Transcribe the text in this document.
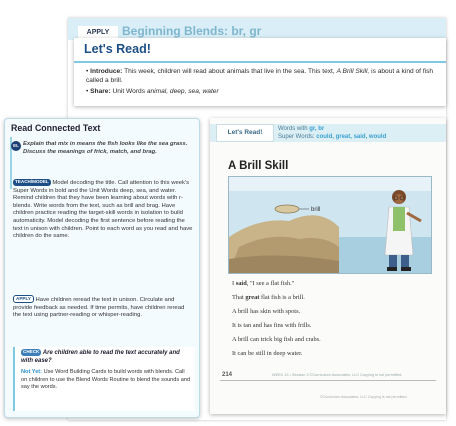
APPLY	Beginning Blends: br, gr
Let's Read!
• Introduce: This week, children will read about animals that live in the sea. This text, A Brill Skill, is about a kind of fish called a brill.
• Share: Unit Words animal, deep, sea, water
Let's Read!	Words with gr, br
Super Words: could, great, said, would
A Brill Skill
brill
I said, "I see a flat fish."
That great flat fish is a brill.
A brill has skin with spots.
It is tan and has fins with frills.
A brill can trick big fish and crabs.
It can be still in deep water.
214	WEEK 13 • Session 3 ©Curriculum Associates, LLC Copying is not permitted.
©Curriculum Associates, LLC Copying is not permitted.
Read Connected Text
EL Explain that mix in means the fish looks like the sea grass. Discuss the meanings of frick, match, and brag.
TEACH/MODEL Model decoding the title. Call attention to this week's Super Words in bold and the Unit Words deep, sea, and water. Remind children that they have been learning about words with r-blends. Write words from the text, such as brill and brag. Have children practice reading the target-skill words in isolation to build automaticity. Model decoding the first sentence before reading the text in unison with children. Point to each word as you read and have children do the same.
APPLY Have children reread the text in unison. Circulate and provide feedback as needed. If time permits, have children reread the text using partner-reading or whisper-reading.
CHECK Are children able to read the text accurately and with ease?
Not Yet: Use Word Building Cards to build words with blends. Call on children to use the Blend Words Routine to blend the sounds and say the words.
